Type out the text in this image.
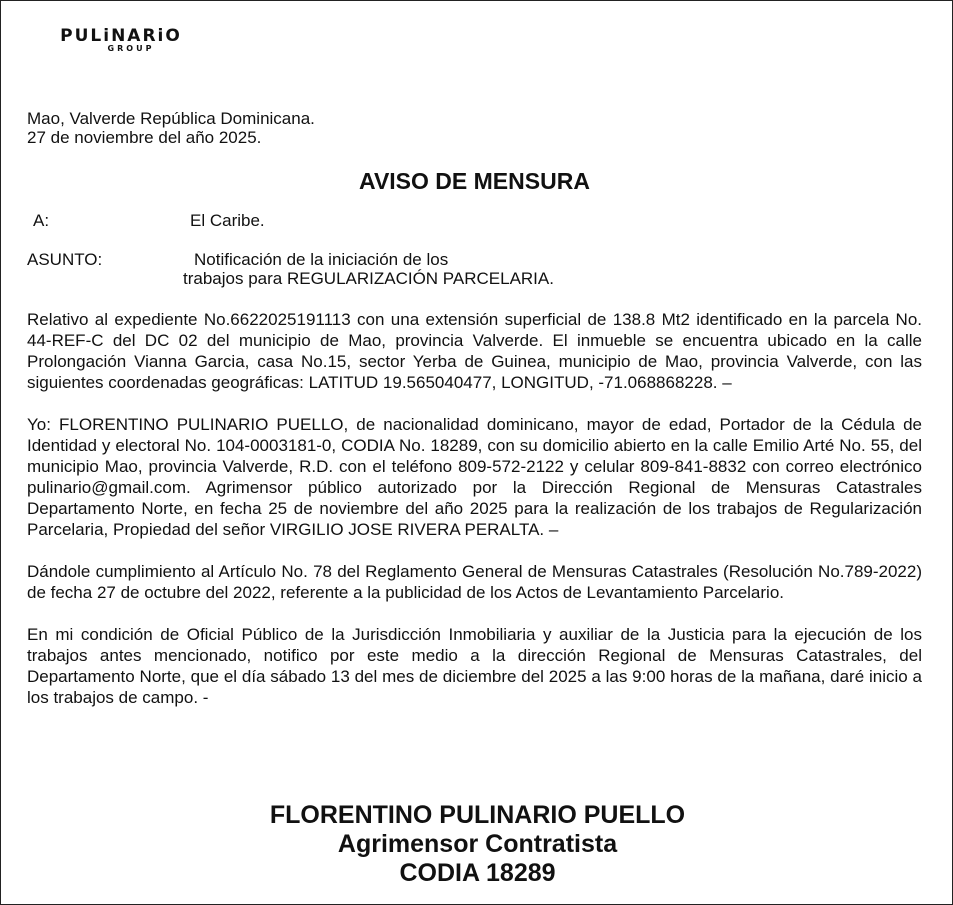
PULiNARiO
GROUP

Mao, Valverde República Dominicana.

27 de noviembre del año 2025.

AVISO DE MENSURA
A:	El Caribe.
ASUNTO:	Notificación de la iniciación de los
trabajos para REGULARIZACIÓN PARCELARIA.

Relativo al expediente No.6622025191113 con una extensión superficial de 138.8 Mt2 identificado en la parcela No. 44-REF-C del DC 02 del municipio de Mao, provincia Valverde. El inmueble se encuentra ubicado en la calle Prolongación Vianna Garcia, casa No.15, sector Yerba de Guinea, municipio de Mao, provincia Valverde, con las siguientes coordenadas geográficas: LATITUD 19.565040477, LONGITUD, -71.068868228. –

Yo: FLORENTINO PULINARIO PUELLO, de nacionalidad dominicano, mayor de edad, Portador de la Cédula de Identidad y electoral No. 104-0003181-0, CODIA No. 18289, con su domicilio abierto en la calle Emilio Arté No. 55, del municipio Mao, provincia Valverde, R.D. con el teléfono 809-572-2122 y celular 809-841-8832 con correo electrónico pulinario@gmail.com. Agrimensor público autorizado por la Dirección Regional de Mensuras Catastrales Departamento Norte, en fecha 25 de noviembre del año 2025 para la realización de los trabajos de Regularización Parcelaria, Propiedad del señor VIRGILIO JOSE RIVERA PERALTA. –

Dándole cumplimiento al Artículo No. 78 del Reglamento General de Mensuras Catastrales (Resolución No.789-2022) de fecha 27 de octubre del 2022, referente a la publicidad de los Actos de Levantamiento Parcelario.

En mi condición de Oficial Público de la Jurisdicción Inmobiliaria y auxiliar de la Justicia para la ejecución de los trabajos antes mencionado, notifico por este medio a la dirección Regional de Mensuras Catastrales, del Departamento Norte, que el día sábado 13 del mes de diciembre del 2025 a las 9:00 horas de la mañana, daré inicio a los trabajos de campo. -

FLORENTINO PULINARIO PUELLO
Agrimensor Contratista
CODIA 18289
